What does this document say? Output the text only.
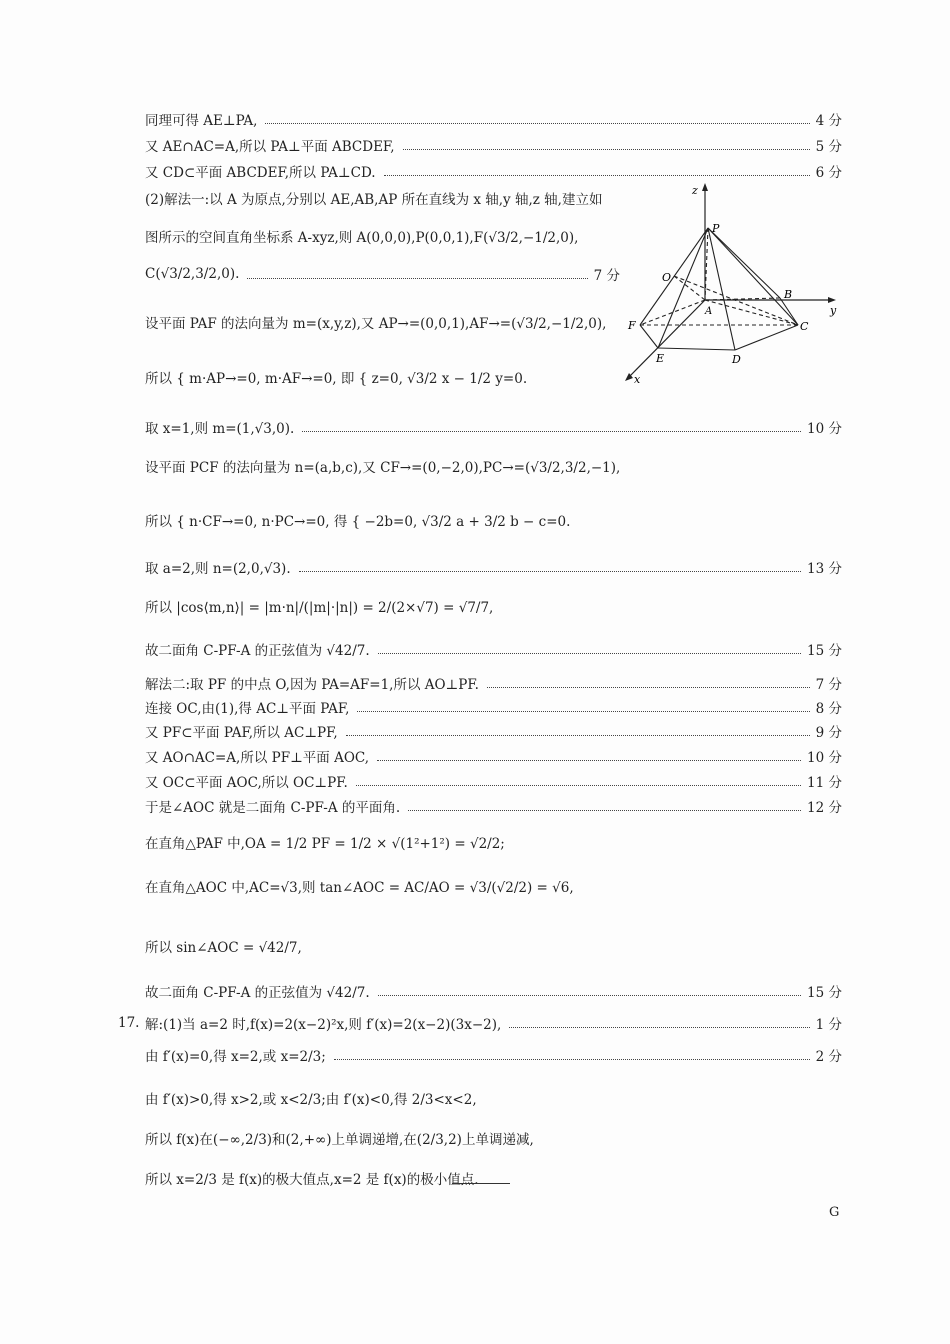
同理可得 AE⊥PA,	4 分
又 AE∩AC=A,所以 PA⊥平面 ABCDEF,	5 分
又 CD⊂平面 ABCDEF,所以 PA⊥CD.	6 分
(2)解法一:以 A 为原点,分别以 AE,AB,AP 所在直线为 x 轴,y 轴,z 轴,建立如
图所示的空间直角坐标系 A-xyz,则 A(0,0,0),P(0,0,1),F(√3/2,−1/2,0),
C(√3/2,3/2,0).	7 分
设平面 PAF 的法向量为 m=(x,y,z),又 AP→=(0,0,1),AF→=(√3/2,−1/2,0),
所以 { m·AP→=0, m·AF→=0, 即 { z=0, √3/2 x − 1/2 y=0.
取 x=1,则 m=(1,√3,0).	10 分
设平面 PCF 的法向量为 n=(a,b,c),又 CF→=(0,−2,0),PC→=(√3/2,3/2,−1),
所以 { n·CF→=0, n·PC→=0, 得 { −2b=0, √3/2 a + 3/2 b − c=0.
取 a=2,则 n=(2,0,√3).	13 分
所以 |cos⟨m,n⟩| = |m·n|/(|m|·|n|) = 2/(2×√7) = √7/7,
故二面角 C-PF-A 的正弦值为 √42/7.	15 分
解法二:取 PF 的中点 O,因为 PA=AF=1,所以 AO⊥PF.	7 分
连接 OC,由(1),得 AC⊥平面 PAF,	8 分
又 PF⊂平面 PAF,所以 AC⊥PF,	9 分
又 AO∩AC=A,所以 PF⊥平面 AOC,	10 分
又 OC⊂平面 AOC,所以 OC⊥PF.	11 分
于是∠AOC 就是二面角 C-PF-A 的平面角.	12 分
在直角△PAF 中,OA = 1/2 PF = 1/2 × √(1²+1²) = √2/2;
在直角△AOC 中,AC=√3,则 tan∠AOC = AC/AO = √3/(√2/2) = √6,
所以 sin∠AOC = √42/7,
故二面角 C-PF-A 的正弦值为 √42/7.	15 分
17. 解:(1)当 a=2 时,f(x)=2(x−2)²x,则 f′(x)=2(x−2)(3x−2),	1 分
由 f′(x)=0,得 x=2,或 x=2/3;	2 分
由 f′(x)>0,得 x>2,或 x<2/3;由 f′(x)<0,得 2/3<x<2,
所以 f(x)在(−∞,2/3)和(2,+∞)上单调递增,在(2/3,2)上单调递减,
所以 x=2/3 是 f(x)的极大值点,x=2 是 f(x)的极小值点.
G
z
P
O
B
A	y
F	C
E	D
x
